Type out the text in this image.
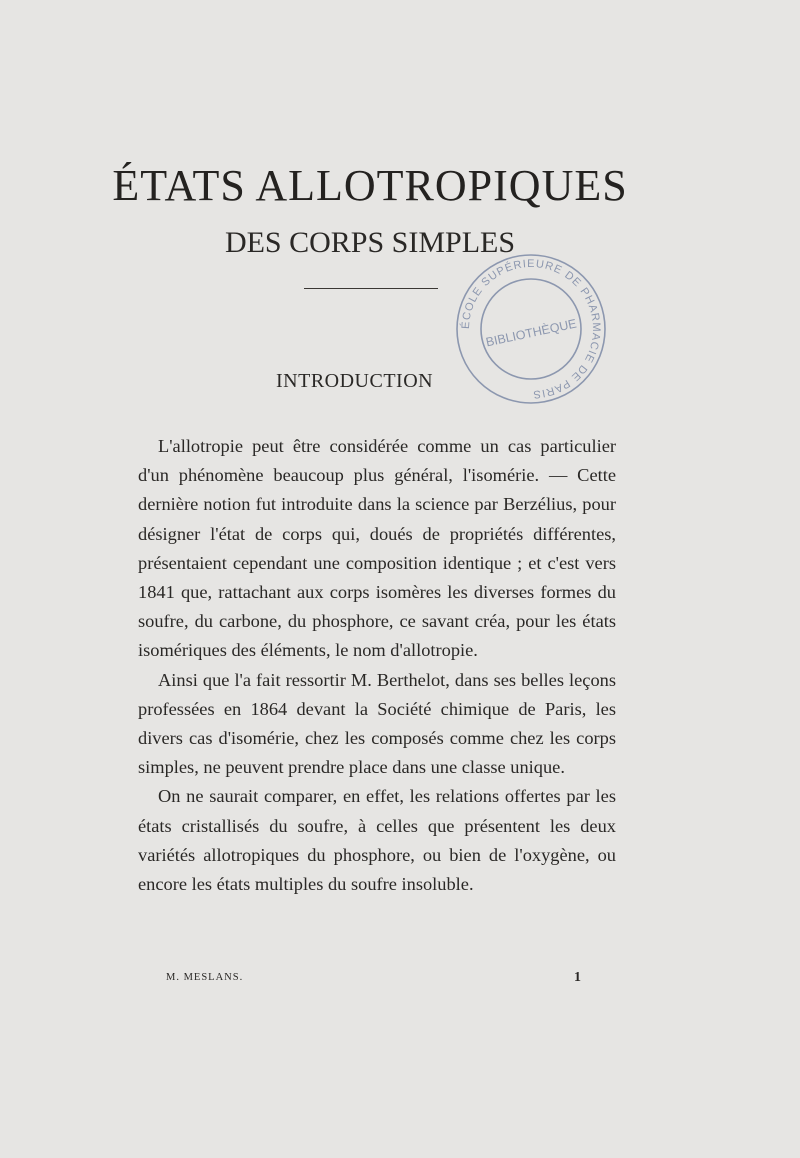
ÉTATS ALLOTROPIQUES
DES CORPS SIMPLES
ÉCOLE SUPÉRIEURE DE PHARMACIE DE PARIS
BIBLIOTHÈQUE
INTRODUCTION

L'allotropie peut être considérée comme un cas particulier d'un phénomène beaucoup plus général, l'isomérie. — Cette dernière notion fut introduite dans la science par Berzélius, pour désigner l'état de corps qui, doués de propriétés différentes, présentaient cependant une composition identique ; et c'est vers 1841 que, rattachant aux corps isomères les diverses formes du soufre, du carbone, du phosphore, ce savant créa, pour les états isomériques des éléments, le nom d'allotropie.

Ainsi que l'a fait ressortir M. Berthelot, dans ses belles leçons professées en 1864 devant la Société chimique de Paris, les divers cas d'isomérie, chez les composés comme chez les corps simples, ne peuvent prendre place dans une classe unique.

On ne saurait comparer, en effet, les relations offertes par les états cristallisés du soufre, à celles que présentent les deux variétés allotropiques du phosphore, ou bien de l'oxygène, ou encore les états multiples du soufre insoluble.

M. MESLANS.	1
